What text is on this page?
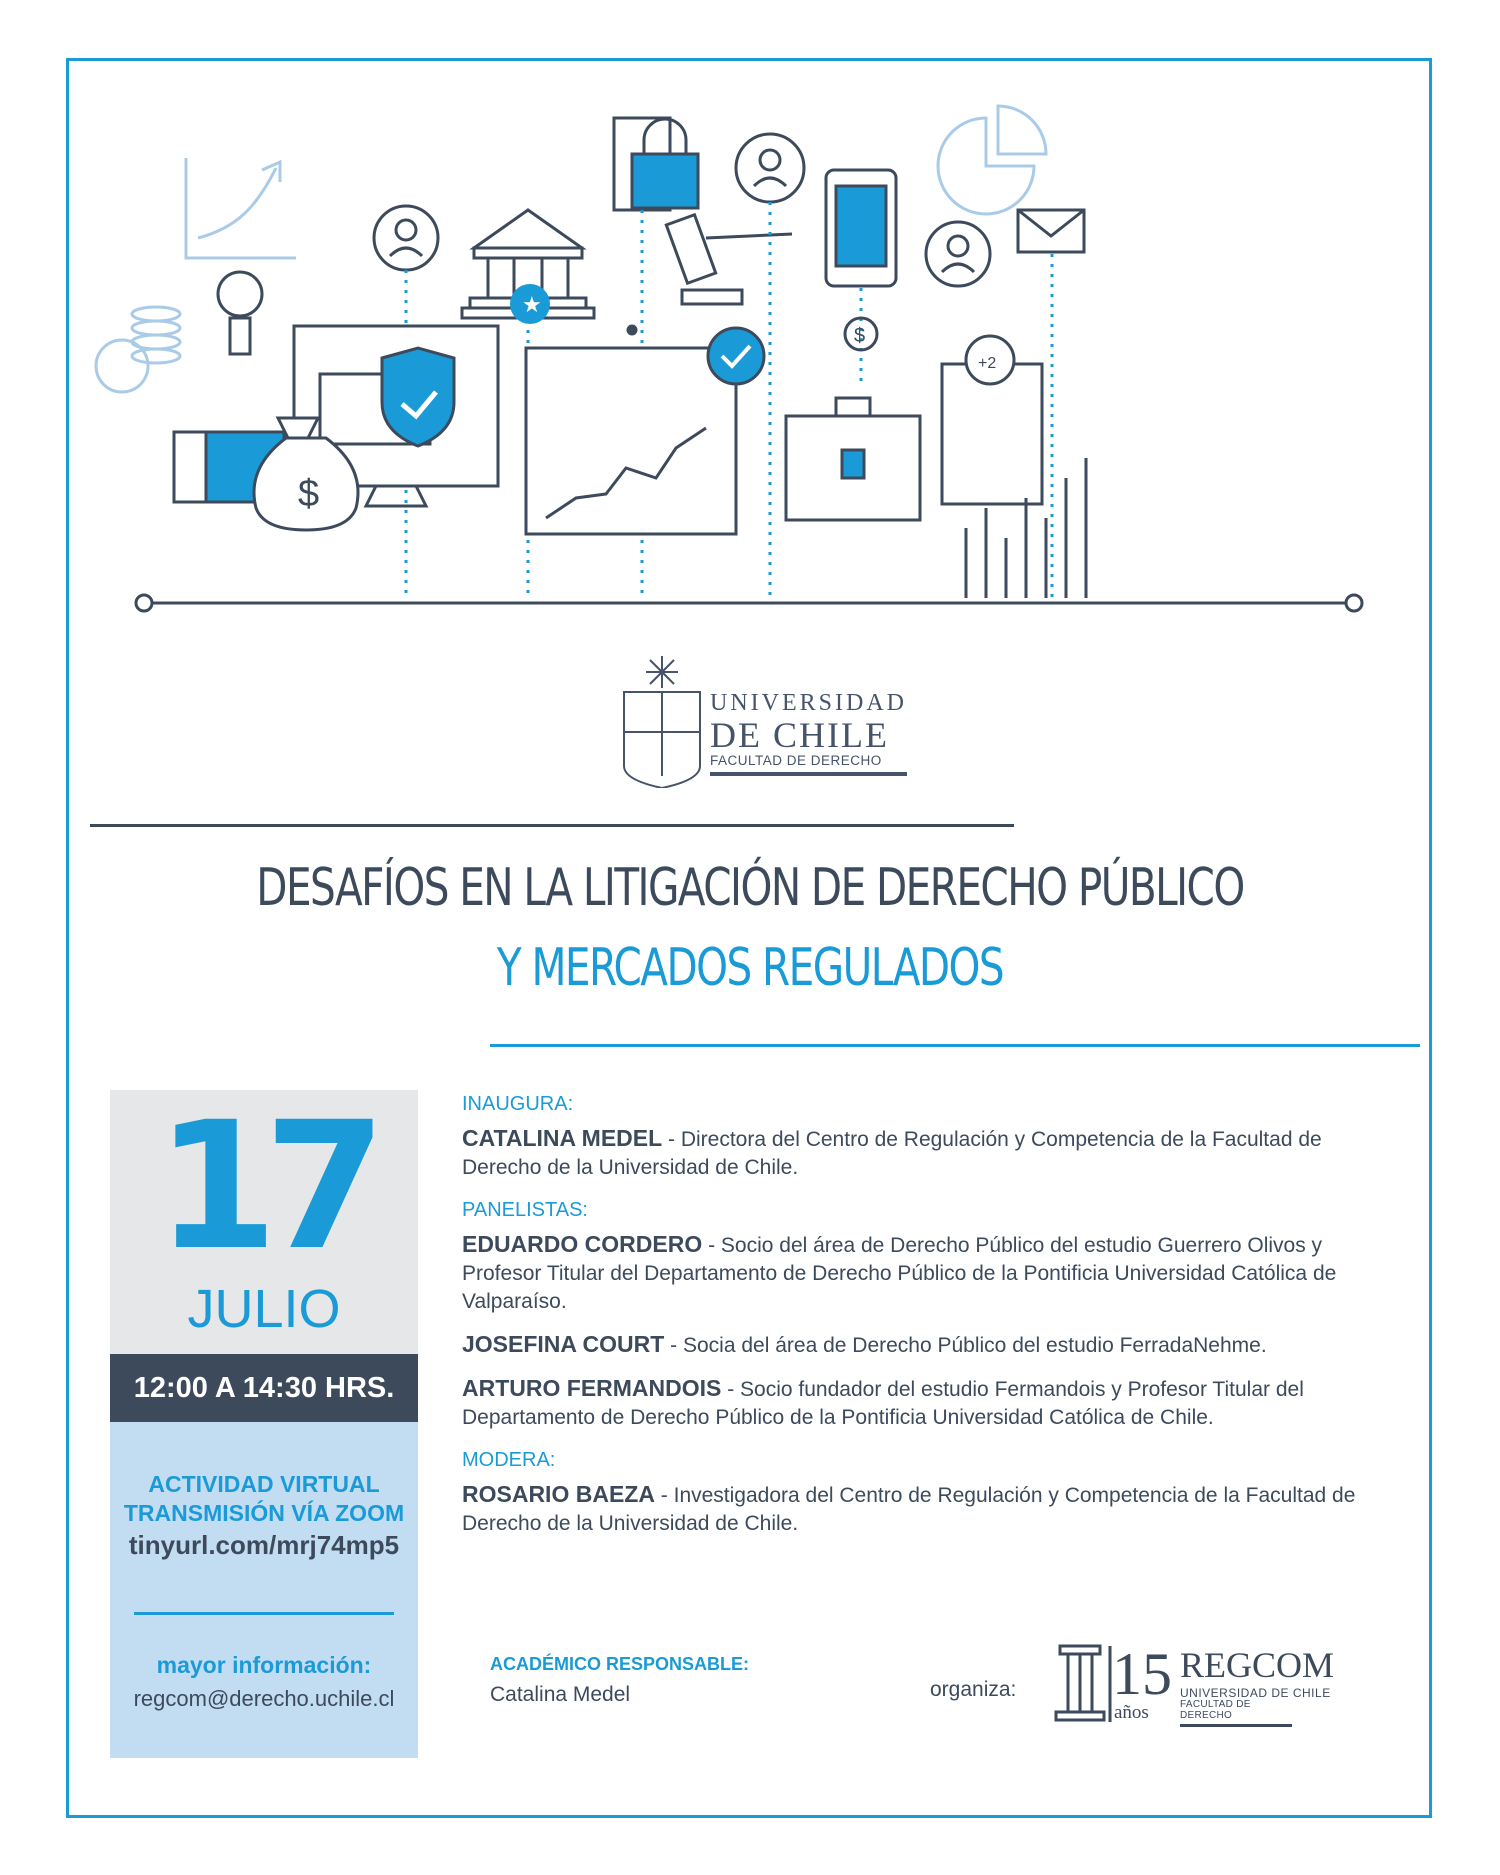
$
★
$
+2
UNIVERSIDAD
DE CHILE
FACULTAD DE DERECHO
DESAFÍOS EN LA LITIGACIÓN DE DERECHO PÚBLICO
Y MERCADOS REGULADOS
17
JULIO
12:00 A 14:30 HRS.
ACTIVIDAD VIRTUAL
TRANSMISIÓN VÍA ZOOM
tinyurl.com/mrj74mp5
mayor información:
regcom@derecho.uchile.cl
INAUGURA:
CATALINA MEDEL - Directora del Centro de Regulación y Competencia de la Facultad de Derecho de la Universidad de Chile.
PANELISTAS:
EDUARDO CORDERO - Socio del área de Derecho Público del estudio Guerrero Olivos y Profesor Titular del Departamento de Derecho Público de la Pontificia Universidad Católica de Valparaíso.
JOSEFINA COURT - Socia del área de Derecho Público del estudio FerradaNehme.
ARTURO FERMANDOIS - Socio fundador del estudio Fermandois y Profesor Titular del Departamento de Derecho Público de la Pontificia Universidad Católica de Chile.
MODERA:
ROSARIO BAEZA - Investigadora del Centro de Regulación y Competencia de la Facultad de Derecho de la Universidad de Chile.
ACADÉMICO RESPONSABLE:
Catalina Medel	organiza: 15
años
REGCOM
UNIVERSIDAD DE CHILE
FACULTAD DE DERECHO
